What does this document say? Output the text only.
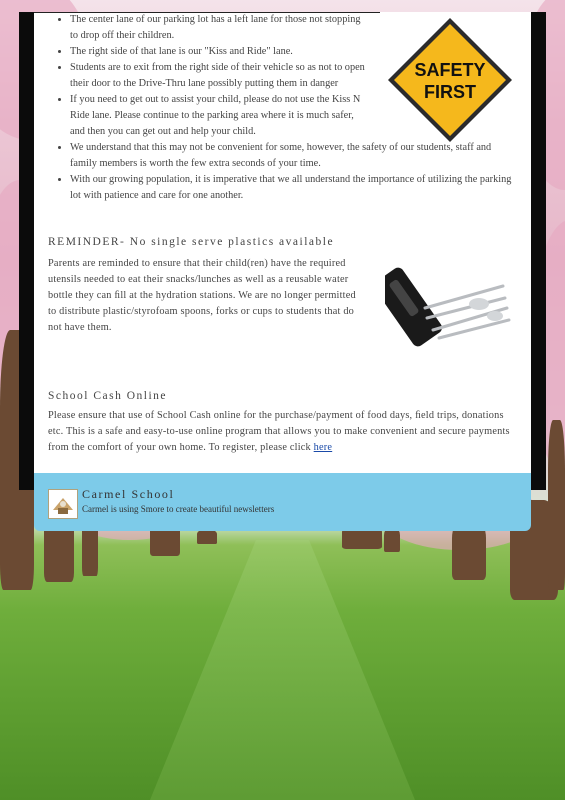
• The center lane of our parking lot has a left lane for those not stopping to drop off their children.
• The right side of that lane is our "Kiss and Ride" lane.
• Students are to exit from the right side of their vehicle so as not to open their door to the Drive-Thru lane possibly putting them in danger
• If you need to get out to assist your child, please do not use the Kiss N Ride lane. Please continue to the parking area where it is much safer, and then you can get out and help your child.
• We understand that this may not be convenient for some, however, the safety of our students, staff and family members is worth the few extra seconds of your time.
• With our growing population, it is imperative that we all understand the importance of utilizing the parking lot with patience and care for one another.
SAFETY
FIRST
REMINDER- No single serve plastics available

Parents are reminded to ensure that their child(ren) have the required utensils needed to eat their snacks/lunches as well as a reusable water bottle they can ﬁll at the hydration stations. We are no longer permitted to distribute plastic/styrofoam spoons, forks or cups to students that do not have them.

School Cash Online

Please ensure that use of School Cash online for the purchase/payment of food days, ﬁeld trips, donations etc. This is a safe and easy-to-use online program that allows you to make convenient and secure payments from the comfort of your own home. To register, please click here

Carmel School
Carmel is using Smore to create beautiful newsletters
